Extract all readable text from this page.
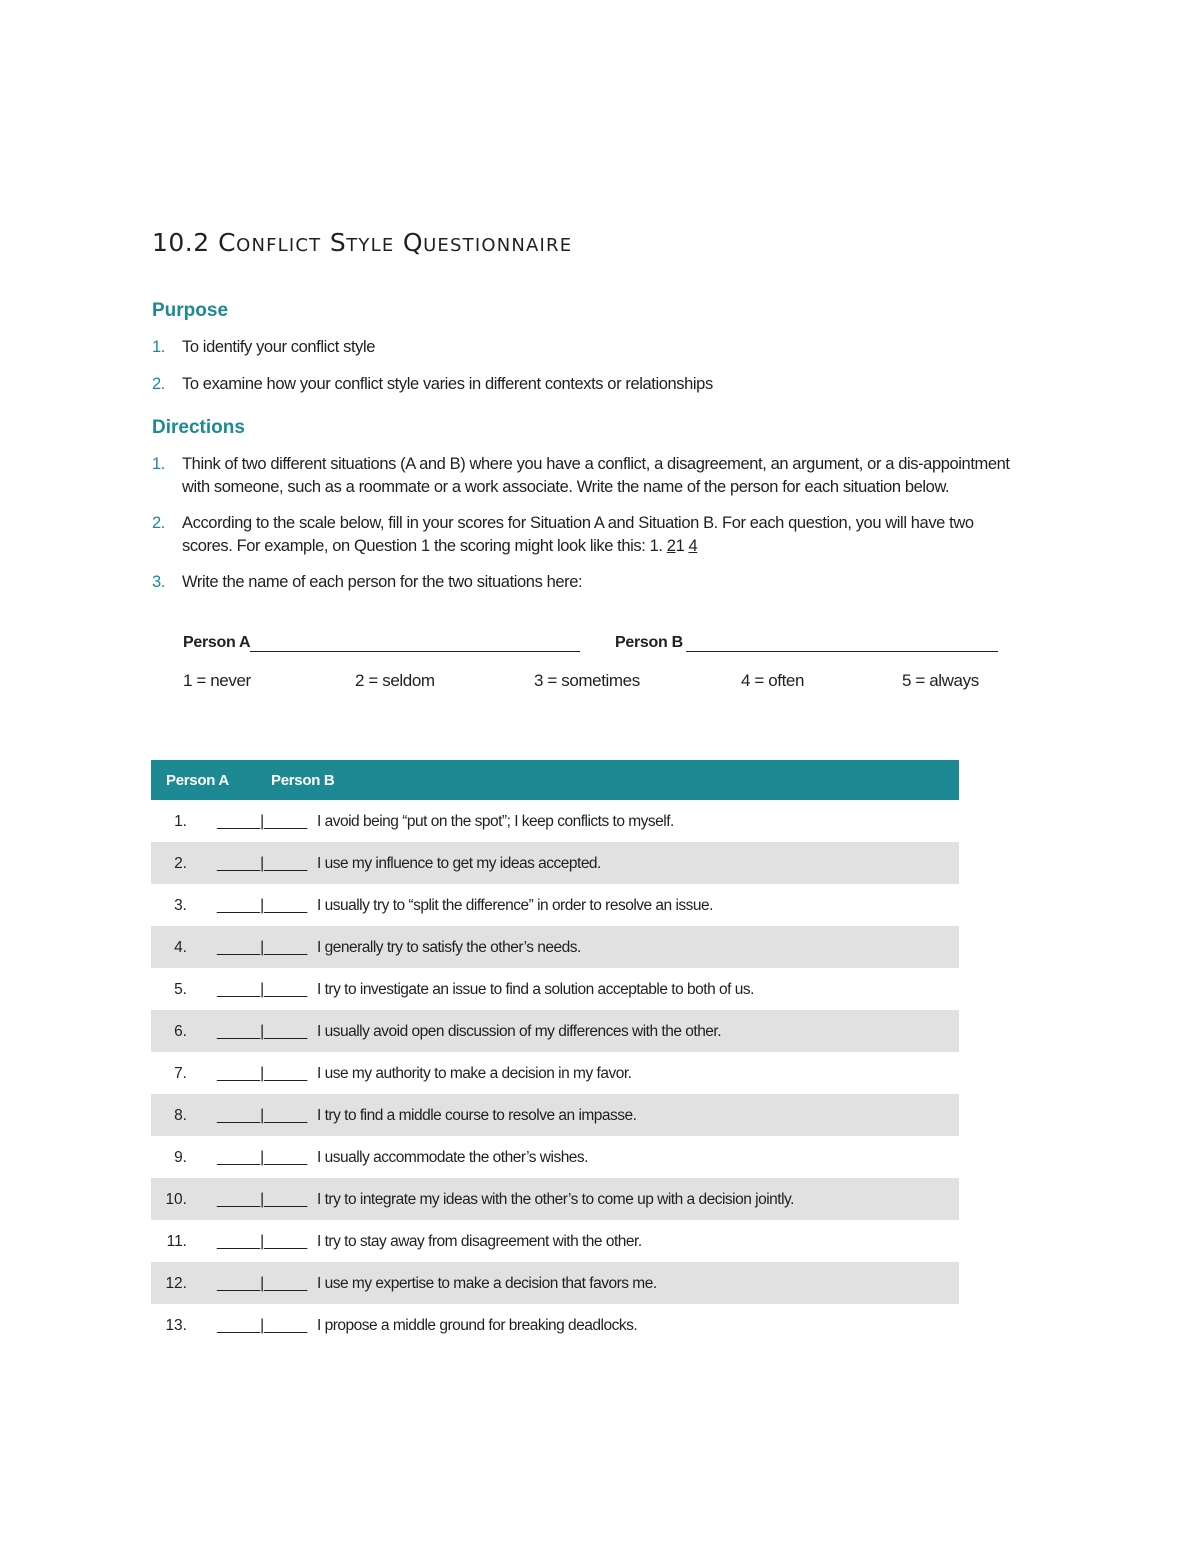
10.2 CONFLICT STYLE QUESTIONNAIRE
Purpose
1. To identify your conflict style
2. To examine how your conflict style varies in different contexts or relationships
Directions
1. Think of two different situations (A and B) where you have a conflict, a disagreement, an argument, or a dis-appointment with someone, such as a roommate or a work associate. Write the name of the person for each situation below.
2. According to the scale below, fill in your scores for Situation A and Situation B. For each question, you will have two scores. For example, on Question 1 the scoring might look like this: 1. 21 4
3. Write the name of each person for the two situations here:
Person A	Person B
1 = never	2 = seldom	3 = sometimes	4 = often	5 = always
Person A	Person B
1. _____|_____ I avoid being “put on the spot”; I keep conflicts to myself.
2. _____|_____ I use my influence to get my ideas accepted.
3. _____|_____ I usually try to “split the difference” in order to resolve an issue.
4. _____|_____ I generally try to satisfy the other’s needs.
5. _____|_____ I try to investigate an issue to find a solution acceptable to both of us.
6. _____|_____ I usually avoid open discussion of my differences with the other.
7. _____|_____ I use my authority to make a decision in my favor.
8. _____|_____ I try to find a middle course to resolve an impasse.
9. _____|_____ I usually accommodate the other’s wishes.
10. _____|_____ I try to integrate my ideas with the other’s to come up with a decision jointly.
11. _____|_____ I try to stay away from disagreement with the other.
12. _____|_____ I use my expertise to make a decision that favors me.
13. _____|_____ I propose a middle ground for breaking deadlocks.
